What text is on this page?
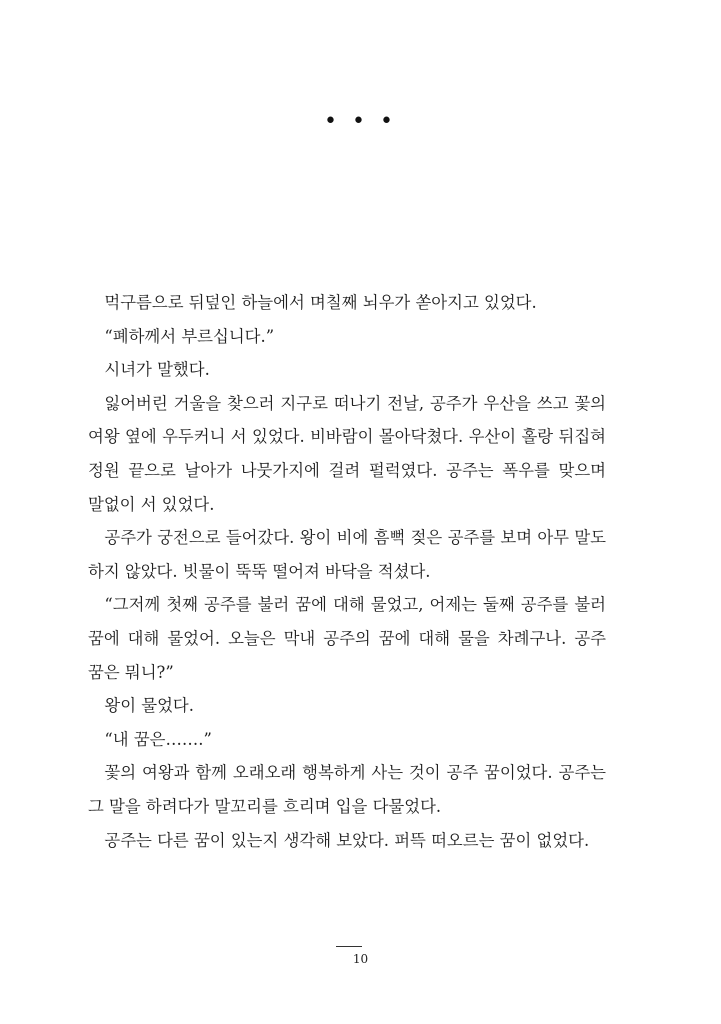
• • •

먹구름으로 뒤덮인 하늘에서 며칠째 뇌우가 쏟아지고 있었다.

“폐하께서 부르십니다.”

시녀가 말했다.

잃어버린 거울을 찾으러 지구로 떠나기 전날, 공주가 우산을 쓰고 꽃의 여왕 옆에 우두커니 서 있었다. 비바람이 몰아닥쳤다. 우산이 홀랑 뒤집혀 정원 끝으로 날아가 나뭇가지에 걸려 펄럭였다. 공주는 폭우를 맞으며 말없이 서 있었다.

공주가 궁전으로 들어갔다. 왕이 비에 흠뻑 젖은 공주를 보며 아무 말도 하지 않았다. 빗물이 뚝뚝 떨어져 바닥을 적셨다.

“그저께 첫째 공주를 불러 꿈에 대해 물었고, 어제는 둘째 공주를 불러 꿈에 대해 물었어. 오늘은 막내 공주의 꿈에 대해 물을 차례구나. 공주 꿈은 뭐니?”

왕이 물었다.

“내 꿈은…….”

꽃의 여왕과 함께 오래오래 행복하게 사는 것이 공주 꿈이었다. 공주는 그 말을 하려다가 말꼬리를 흐리며 입을 다물었다.

공주는 다른 꿈이 있는지 생각해 보았다. 퍼뜩 떠오르는 꿈이 없었다.

10
